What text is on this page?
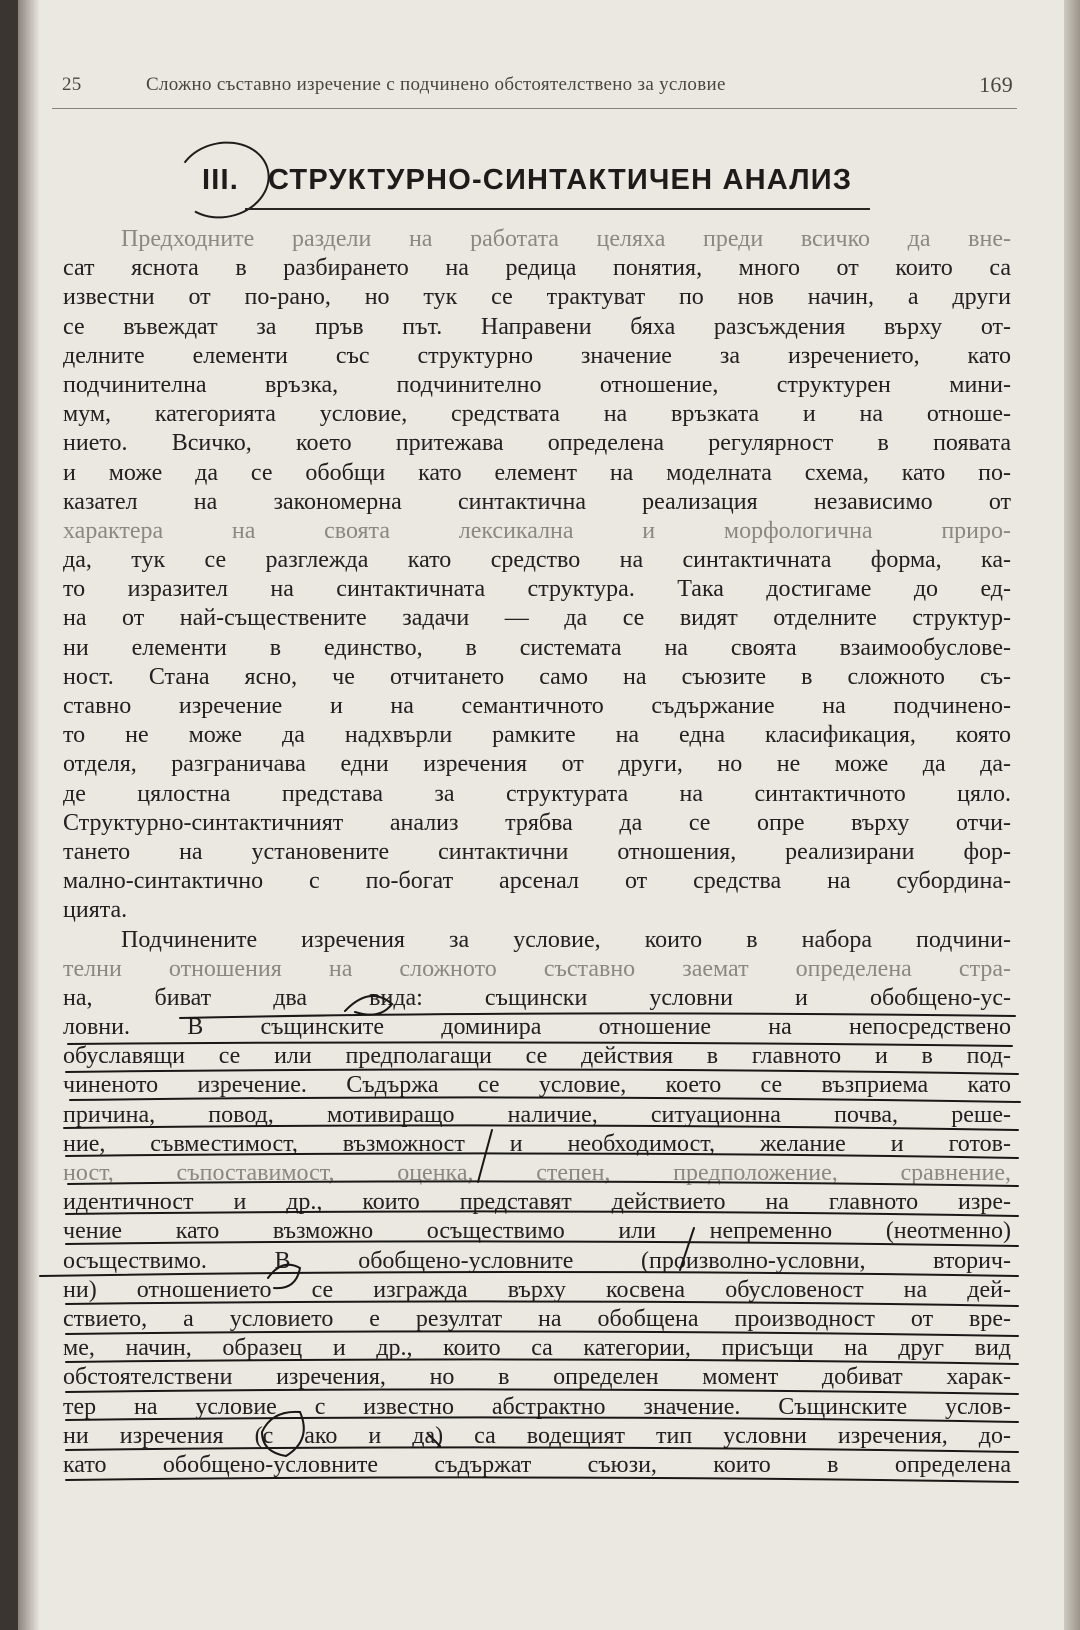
25	Сложно съставно изречение с подчинено обстоятелствено за условие	169
III. СТРУКТУРНО-СИНТАКТИЧЕН АНАЛИЗ
Предходните раздели на работата целяха преди всичко да вне-
сат яснота в разбирането на редица понятия, много от които са
известни от по-рано, но тук се трактуват по нов начин, а други
се въвеждат за пръв път. Направени бяха разсъждения върху от-
делните елементи със структурно значение за изречението, като
подчинителна връзка, подчинително отношение, структурен мини-
мум, категорията условие, средствата на връзката и на отноше-
нието. Всичко, което притежава определена регулярност в появата
и може да се обобщи като елемент на моделната схема, като по-
казател на закономерна синтактична реализация независимо от
характера на своята лексикална и морфологична приро-
да, тук се разглежда като средство на синтактичната форма, ка-
то изразител на синтактичната структура. Така достигаме до ед-
на от най-съществените задачи — да се видят отделните структур-
ни елементи в единство, в системата на своята взаимообусловe-
ност. Стана ясно, че отчитането само на съюзите в сложното съ-
ставно изречение и на семантичното съдържание на подчинено-
то не може да надхвърли рамките на една класификация, която
отделя, разграничава едни изречения от други, но не може да да-
де цялостна представа за структурата на синтактичното цяло.
Структурно-синтактичният анализ трябва да се опре върху отчи-
тането на установените синтактични отношения, реализирани фор-
мално-синтактично с по-богат арсенал от средства на субордина-
цията.
Подчинените изречения за условие, които в набора подчини-
телни отношения на сложното съставно заемат определена стра-
на, биват два вида: същински условни и обобщено-ус-
ловни. В същинските доминира отношение на непосредствено
обуславящи се или предполагащи се действия в главното и в под-
чиненото изречение. Съдържа се условие, което се възприема като
причина, повод, мотивиращо наличие, ситуационна почва, реше-
ние, съвместимост, възможност и необходимост, желание и готов-
ност, съпоставимост, оценка, степен, предположение, сравнение,
идентичност и др., които представят действието на главното изре-
чение като възможно осъществимо или непременно (неотменно)
осъществимо. В обобщено-условните (произволно-условни, вторич-
ни) отношението се изгражда върху косвена обусловеност на дей-
ствието, а условието е резултат на обобщена производност от вре-
ме, начин, образец и др., които са категории, присъщи на друг вид
обстоятелствени изречения, но в определен момент добиват харак-
тер на условие с известно абстрактно значение. Същинските услов-
ни изречения (с ако и да) са водещият тип условни изречения, до-
като обобщено-условните съдържат съюзи, които в определена
